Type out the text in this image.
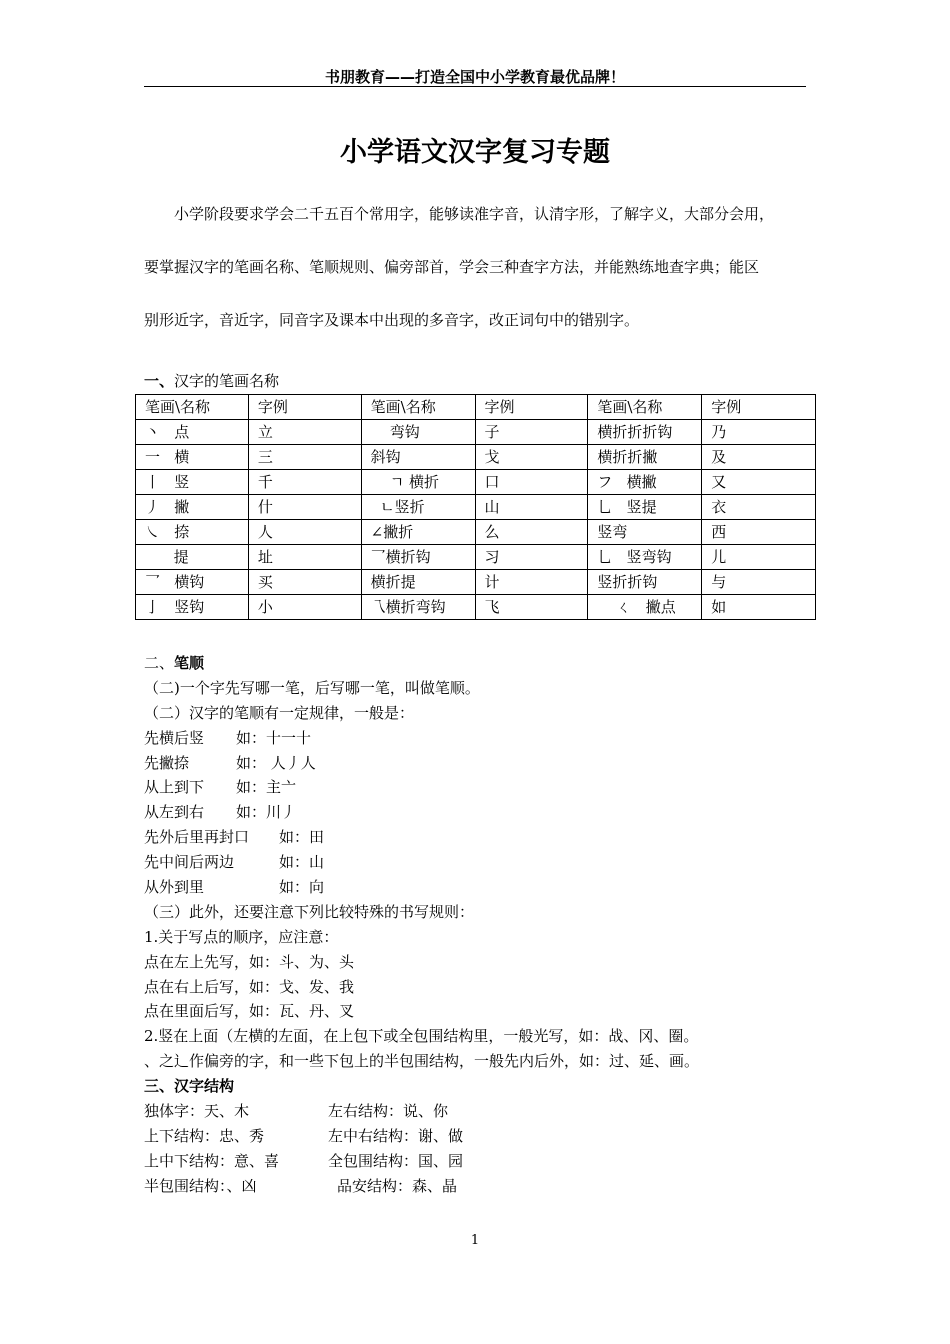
书朋教育——打造全国中小学教育最优品牌！
小学语文汉字复习专题

　　小学阶段要求学会二千五百个常用字，能够读准字音，认清字形，了解字义，大部分会用，

要掌握汉字的笔画名称、笔顺规则、偏旁部首，学会三种查字方法，并能熟练地查字典；能区

别形近字，音近字，同音字及课本中出现的多音字，改正词句中的错别字。

一、汉字的笔画名称
笔画\名称	字例	笔画\名称	字例	笔画\名称	字例
丶   点	立	弯钩	子	横折折折钩	乃
一   横	三	斜钩	戈	横折折撇	及
丨   竖	千	ㄱ 横折	口	フ   横撇	又
丿   撇	什	ㄴ竖折	山	乚   竖提	衣
㇏   捺	人	∠撇折	么	竖弯	西
提	址	乛横折钩	习	乚   竖弯钩	儿
乛   横钩	买	横折提	计	竖折折钩	与
亅   竖钩	小	乁横折弯钩	飞	ㄑ   撇点	如
二、笔顺
（二)一个字先写哪一笔，后写哪一笔，叫做笔顺。
（二）汉字的笔顺有一定规律，一般是：
先横后竖 如：十一十
先撇捺	如： 人丿人
从上到下 如：主亠
从左到右 如：川丿
先外后里再封口 如：田
先中间后两边	如：山
从外到里	如：向
（三）此外，还要注意下列比较特殊的书写规则：
1.关于写点的顺序，应注意：
点在左上先写，如：斗、为、头
点在右上后写，如：戈、发、我
点在里面后写，如：瓦、丹、叉
2.竖在上面（左横的左面，在上包下或全包围结构里，一般光写，如：战、冈、圈。
、之辶作偏旁的字，和一些下包上的半包围结构，一般先内后外，如：过、延、画。
三、汉字结构
独体字：天、木	左右结构：说、你
上下结构：忠、秀	左中右结构：谢、做
上中下结构：意、喜	全包围结构：国、园
半包围结构：、凶	品安结构：森、晶
1
